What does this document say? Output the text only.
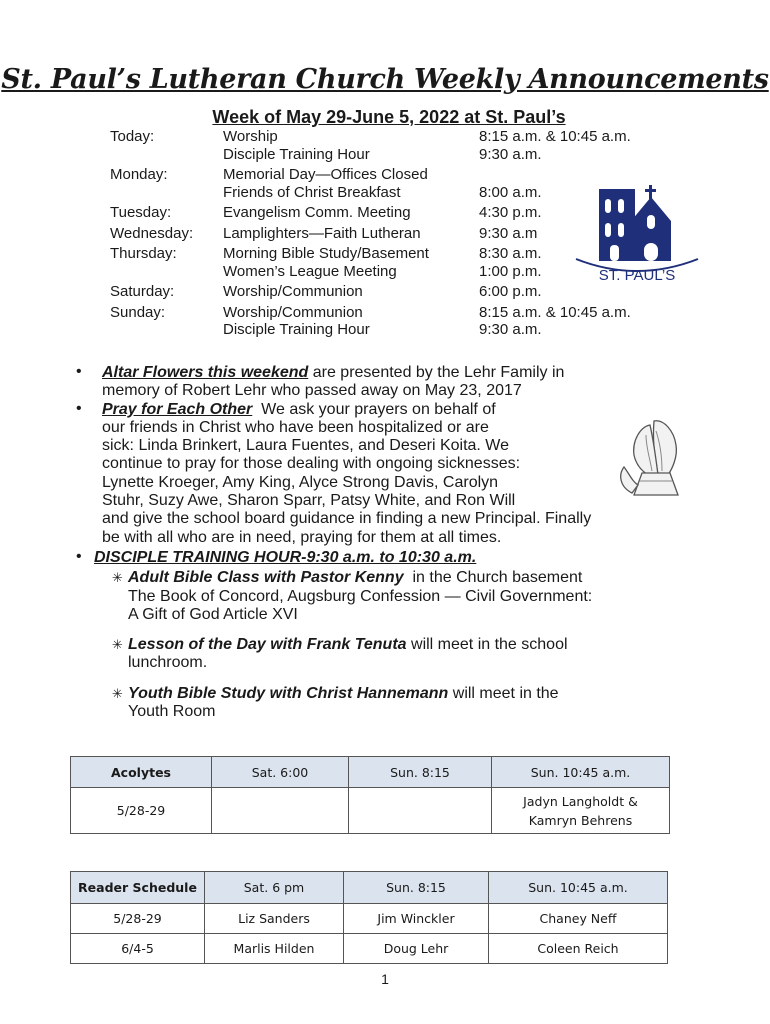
St. Paul’s Lutheran Church Weekly Announcements
Week of May 29-June 5, 2022 at St. Paul’s
Today:	Worship	8:15 a.m. & 10:45 a.m.
Disciple Training Hour	9:30 a.m.
Monday:	Memorial Day—Offices Closed
Friends of Christ Breakfast	8:00 a.m.
Tuesday:	Evangelism Comm. Meeting	4:30 p.m.
Wednesday: Lamplighters—Faith Lutheran	9:30 a.m
Thursday:	Morning Bible Study/Basement	8:30 a.m.
Women’s League Meeting	1:00 p.m.
Saturday:	Worship/Communion	6:00 p.m.
Sunday:	Worship/Communion	8:15 a.m. & 10:45 a.m.
Disciple Training Hour	9:30 a.m.
ST. PAUL’S
• Altar Flowers this weekend are presented by the Lehr Family in
memory of Robert Lehr who passed away on May 23, 2017
• Pray for Each Other  We ask your prayers on behalf of
our friends in Christ who have been hospitalized or are
sick: Linda Brinkert, Laura Fuentes, and Deseri Koita. We
continue to pray for those dealing with ongoing sicknesses:
Lynette Kroeger, Amy King, Alyce Strong Davis, Carolyn
Stuhr, Suzy Awe, Sharon Sparr, Patsy White, and Ron Will
and give the school board guidance in finding a new Principal. Finally
be with all who are in need, praying for them at all times.
• DISCIPLE TRAINING HOUR-9:30 a.m. to 10:30 a.m.
✳ Adult Bible Class with Pastor Kenny  in the Church basement
The Book of Concord, Augsburg Confession — Civil Government:
A Gift of God Article XVI
✳ Lesson of the Day with Frank Tenuta will meet in the school
lunchroom.
✳ Youth Bible Study with Christ Hannemann will meet in the
Youth Room
Acolytes	Sat. 6:00	Sun. 8:15	Sun. 10:45 a.m.
5/28-29			Jadyn Langholdt &
Kamryn Behrens
Reader Schedule	Sat. 6 pm	Sun. 8:15	Sun. 10:45 a.m.
5/28-29	Liz Sanders	Jim Winckler	Chaney Neff
6/4-5	Marlis Hilden	Doug Lehr	Coleen Reich
1
